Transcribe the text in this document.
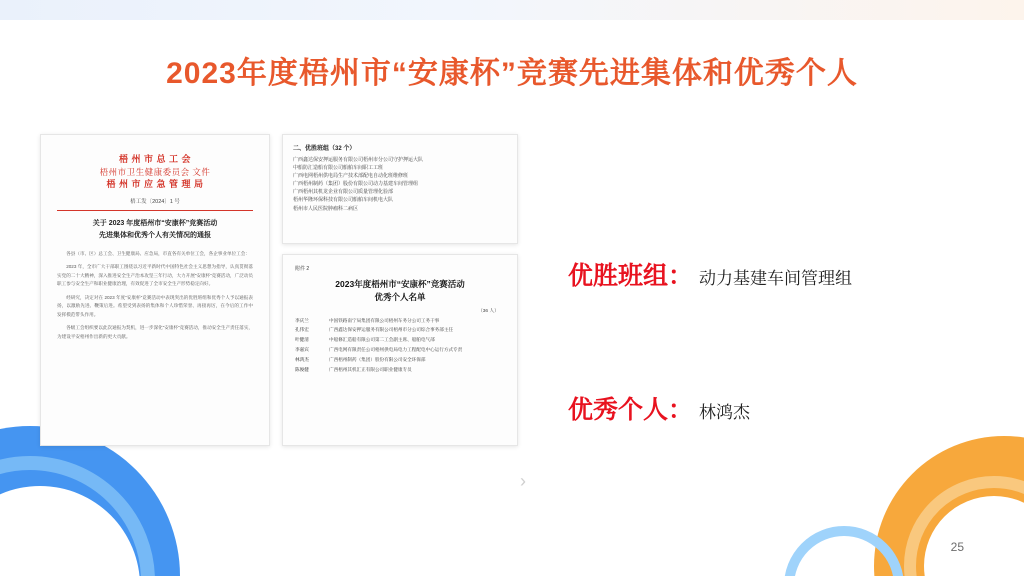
2023年度梧州市“安康杯”竞赛先进集体和优秀个人
梧 州 市 总 工 会
梧州市卫生健康委员会 文件
梧 州 市 应 急 管 理 局
梧工发〔2024〕1 号
关于 2023 年度梧州市“安康杯”竞赛活动
先进集体和优秀个人有关情况的通报

各县（市、区）总工会、卫生健康局、应急局，市直各有关单位工会，各企事业单位工会：

2023 年，全市广大干部职工围绕以习近平新时代中国特色社会主义思想为指导，认真贯彻落实党的二十大精神，深入推进安全生产治本攻坚三年行动，大力开展“安康杯”竞赛活动，广泛动员职工参与安全生产和职业健康治理，有效促进了全市安全生产形势稳定向好。

经研究，决定对在 2023 年度“安康杯”竞赛活动中表现突出的优胜班组和优秀个人予以通报表扬，以激励先进、鞭策后进。希望受到表扬的集体和个人珍惜荣誉、再接再厉，在今后的工作中发挥模范带头作用。

各级工会组织要以此次通报为契机，进一步深化“安康杯”竞赛活动，推动安全生产责任落实，为建设平安梧州作出新的更大贡献。

二、优胜班组（32 个）
广西鑫达保安押运服务有限公司梧州市分公司守护押运大队
中船防汇造船有限公司船舶车间职工工班
广西电网梧州供电局生产技术部配电自动化班维修班
广西梧州制药（集团）股份有限公司动力基建车间管理组
广西梧州其机龙企业有限公司质量管理化验部
梧州华隆环保科技有限公司船舶车间机电大队
梧州市人民医院肿瘤科二病区
附件 2
2023年度梧州市“安康杯”竞赛活动
优秀个人名单
（36 人）
李庆兰	中国铁路南宁局集团有限公司梧州车务分公司工务干事
孔伟宏	广西鑫达保安押运服务有限公司梧州市分公司综合事务部主任
叶健清	中船修汇造船有限公司第二工会副主席、船舶电气部
李嘉宾	广西电网有限责任公司梧州供电局电力工程配电中心运行方式专责
林鸿杰	广西梧州制药（集团）股份有限公司安全环保部
陈俊健	广西梧州其机汇正有限公司职业健康专员
优胜班组： 动力基建车间管理组
优秀个人： 林鸿杰
›
25
